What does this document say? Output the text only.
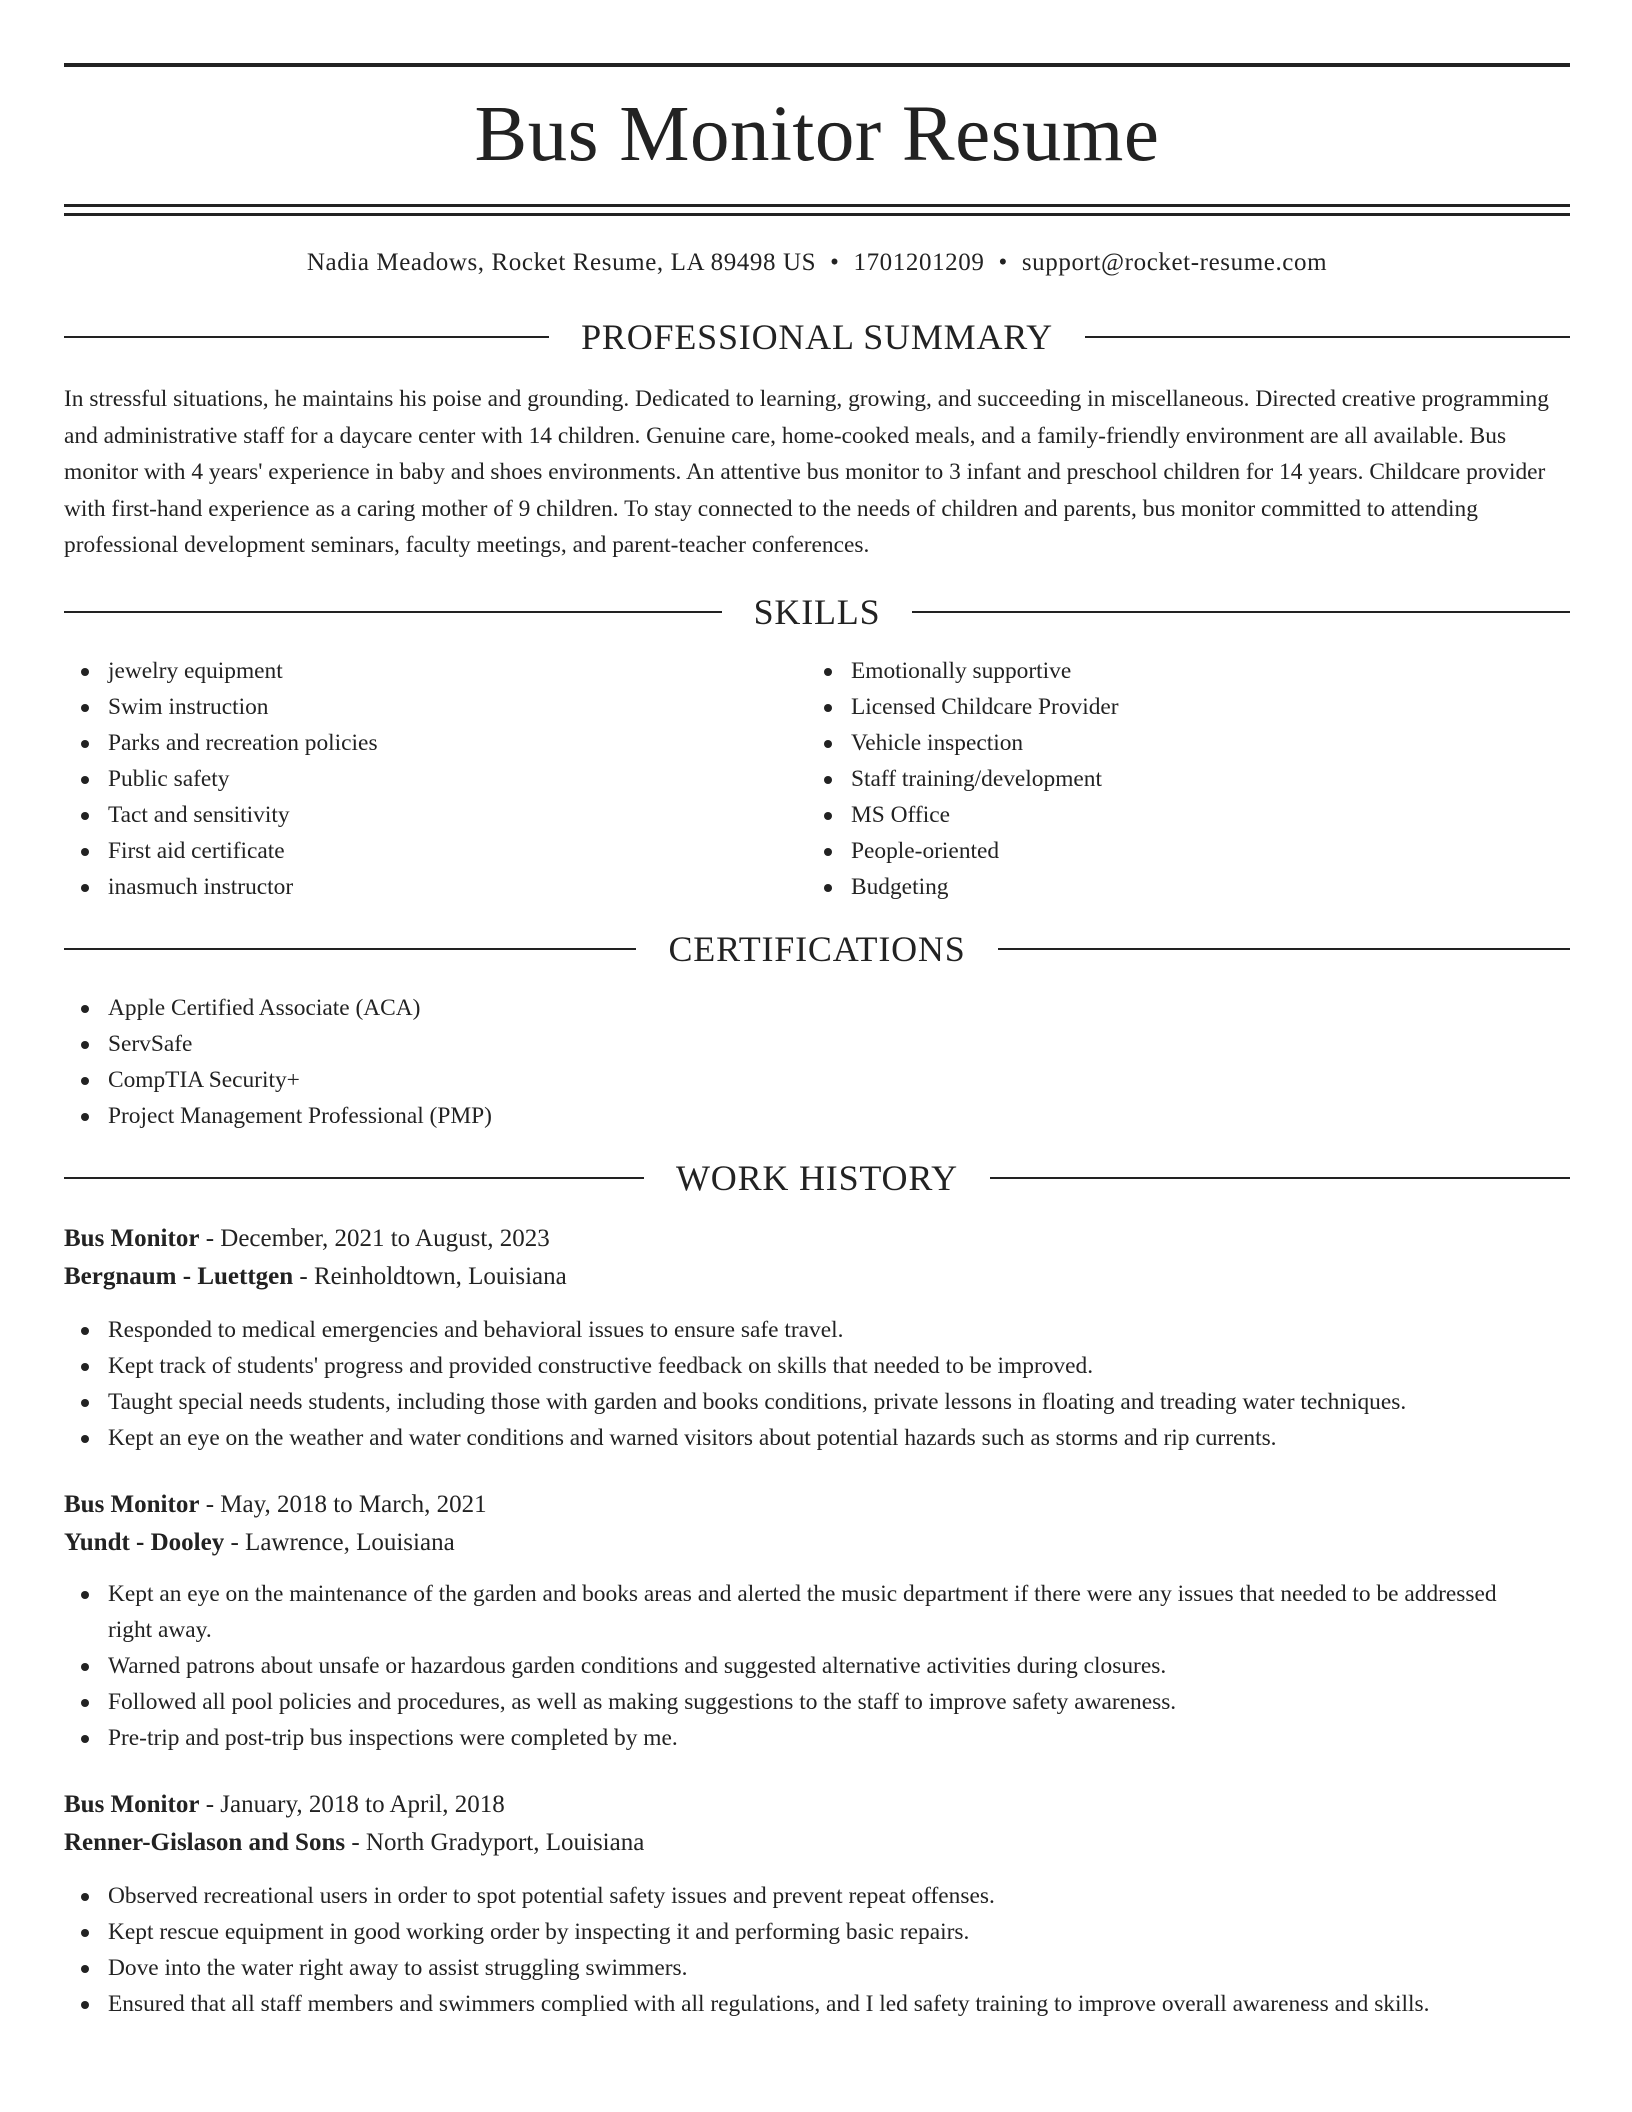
Bus Monitor Resume
Nadia Meadows, Rocket Resume, LA 89498 US • 1701201209 • support@rocket-resume.com
PROFESSIONAL SUMMARY

In stressful situations, he maintains his poise and grounding. Dedicated to learning, growing, and succeeding in miscellaneous. Directed creative programming and administrative staff for a daycare center with 14 children. Genuine care, home-cooked meals, and a family-friendly environment are all available. Bus monitor with 4 years' experience in baby and shoes environments. An attentive bus monitor to 3 infant and preschool children for 14 years. Childcare provider with first-hand experience as a caring mother of 9 children. To stay connected to the needs of children and parents, bus monitor committed to attending professional development seminars, faculty meetings, and parent-teacher conferences.

SKILLS
jewelry equipment
Swim instruction
Parks and recreation policies
Public safety
Tact and sensitivity
First aid certificate
inasmuch instructor
Emotionally supportive
Licensed Childcare Provider
Vehicle inspection
Staff training/development
MS Office
People-oriented
Budgeting
CERTIFICATIONS
Apple Certified Associate (ACA)
ServSafe
CompTIA Security+
Project Management Professional (PMP)
WORK HISTORY
Bus Monitor - December, 2021 to August, 2023
Bergnaum - Luettgen - Reinholdtown, Louisiana
Responded to medical emergencies and behavioral issues to ensure safe travel.
Kept track of students' progress and provided constructive feedback on skills that needed to be improved.
Taught special needs students, including those with garden and books conditions, private lessons in floating and treading water techniques.
Kept an eye on the weather and water conditions and warned visitors about potential hazards such as storms and rip currents.
Bus Monitor - May, 2018 to March, 2021
Yundt - Dooley - Lawrence, Louisiana
Kept an eye on the maintenance of the garden and books areas and alerted the music department if there were any issues that needed to be addressed right away.
Warned patrons about unsafe or hazardous garden conditions and suggested alternative activities during closures.
Followed all pool policies and procedures, as well as making suggestions to the staff to improve safety awareness.
Pre-trip and post-trip bus inspections were completed by me.
Bus Monitor - January, 2018 to April, 2018
Renner-Gislason and Sons - North Gradyport, Louisiana
Observed recreational users in order to spot potential safety issues and prevent repeat offenses.
Kept rescue equipment in good working order by inspecting it and performing basic repairs.
Dove into the water right away to assist struggling swimmers.
Ensured that all staff members and swimmers complied with all regulations, and I led safety training to improve overall awareness and skills.
